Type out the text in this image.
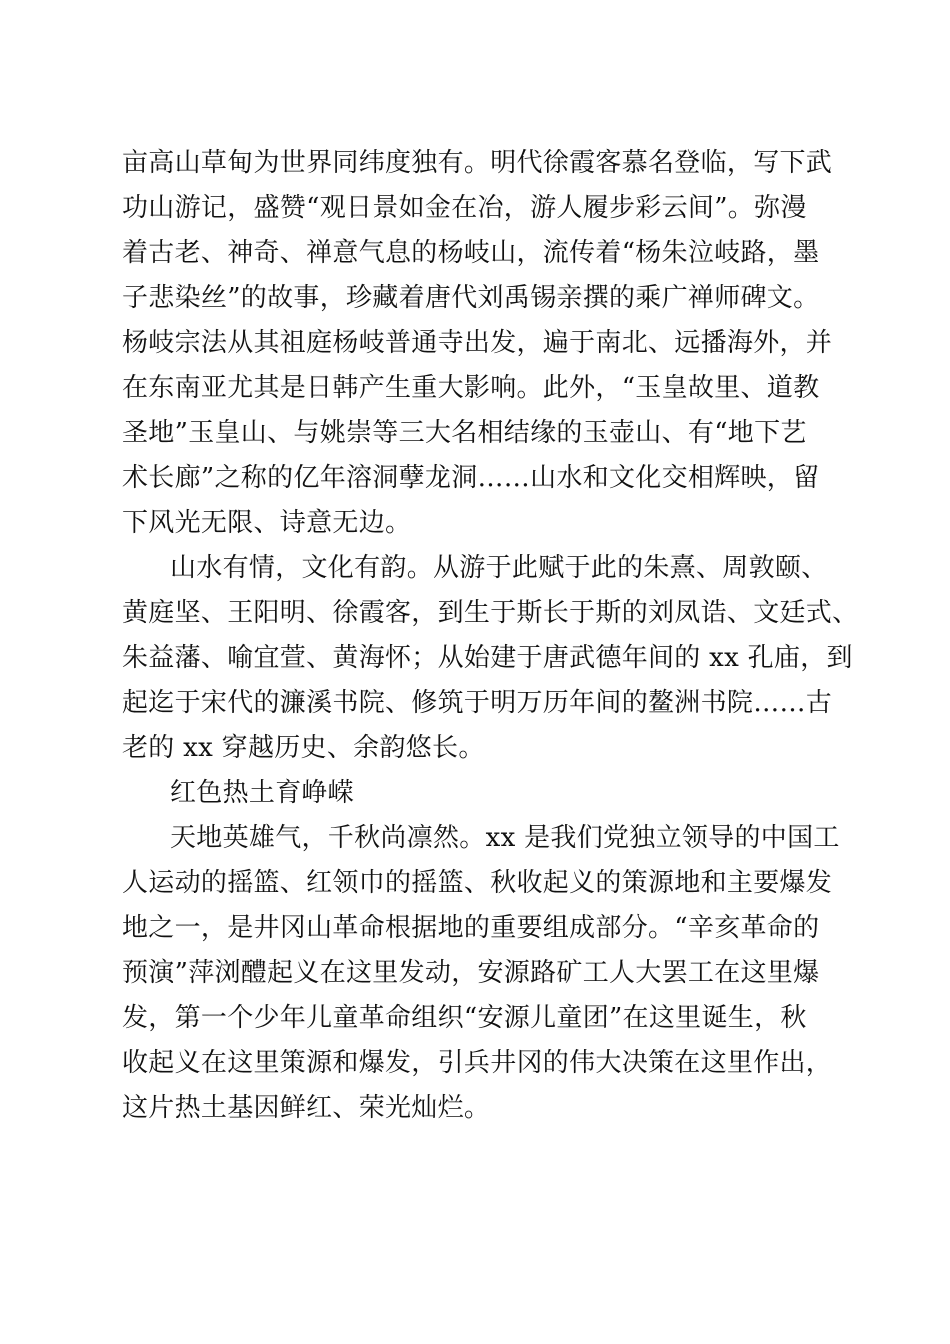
亩高山草甸为世界同纬度独有。明代徐霞客慕名登临，写下武
功山游记，盛赞“观日景如金在冶，游人履步彩云间”。弥漫
着古老、神奇、禅意气息的杨岐山，流传着“杨朱泣岐路，墨
子悲染丝”的故事，珍藏着唐代刘禹锡亲撰的乘广禅师碑文。
杨岐宗法从其祖庭杨岐普通寺出发，遍于南北、远播海外，并
在东南亚尤其是日韩产生重大影响。此外，“玉皇故里、道教
圣地”玉皇山、与姚崇等三大名相结缘的玉壶山、有“地下艺
术长廊”之称的亿年溶洞孽龙洞……山水和文化交相辉映，留
下风光无限、诗意无边。
山水有情，文化有韵。从游于此赋于此的朱熹、周敦颐、
黄庭坚、王阳明、徐霞客，到生于斯长于斯的刘凤诰、文廷式、
朱益藩、喻宜萱、黄海怀；从始建于唐武德年间的 xx 孔庙，到
起迄于宋代的濂溪书院、修筑于明万历年间的鳌洲书院……古
老的 xx 穿越历史、余韵悠长。
红色热土育峥嵘
天地英雄气，千秋尚凛然。xx 是我们党独立领导的中国工
人运动的摇篮、红领巾的摇篮、秋收起义的策源地和主要爆发
地之一，是井冈山革命根据地的重要组成部分。“辛亥革命的
预演”萍浏醴起义在这里发动，安源路矿工人大罢工在这里爆
发，第一个少年儿童革命组织“安源儿童团”在这里诞生，秋
收起义在这里策源和爆发，引兵井冈的伟大决策在这里作出，
这片热土基因鲜红、荣光灿烂。
